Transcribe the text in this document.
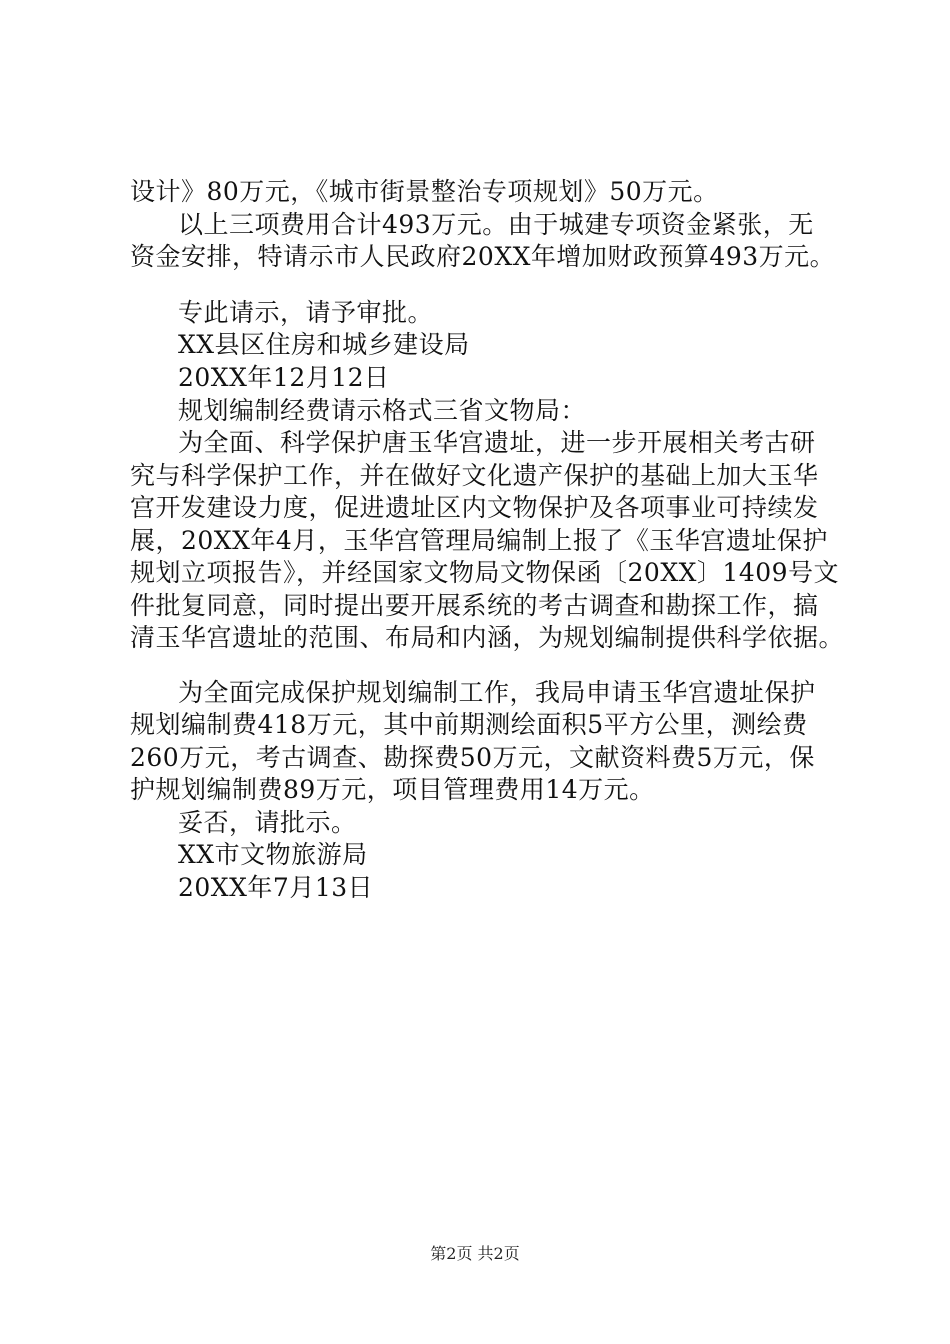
设计》80万元，《城市街景整治专项规划》50万元。
以上三项费用合计493万元。由于城建专项资金紧张，无
资金安排，特请示市人民政府20XX年增加财政预算493万元。
专此请示，请予审批。
XX县区住房和城乡建设局
20XX年12月12日
规划编制经费请示格式三省文物局：
为全面、科学保护唐玉华宫遗址，进一步开展相关考古研
究与科学保护工作，并在做好文化遗产保护的基础上加大玉华
宫开发建设力度，促进遗址区内文物保护及各项事业可持续发
展，20XX年4月，玉华宫管理局编制上报了《玉华宫遗址保护
规划立项报告》，并经国家文物局文物保函〔20XX〕1409号文
件批复同意，同时提出要开展系统的考古调查和勘探工作，搞
清玉华宫遗址的范围、布局和内涵，为规划编制提供科学依据。
为全面完成保护规划编制工作，我局申请玉华宫遗址保护
规划编制费418万元，其中前期测绘面积5平方公里，测绘费
260万元，考古调查、勘探费50万元，文献资料费5万元，保
护规划编制费89万元，项目管理费用14万元。
妥否，请批示。
XX市文物旅游局
20XX年7月13日
第2页 共2页
